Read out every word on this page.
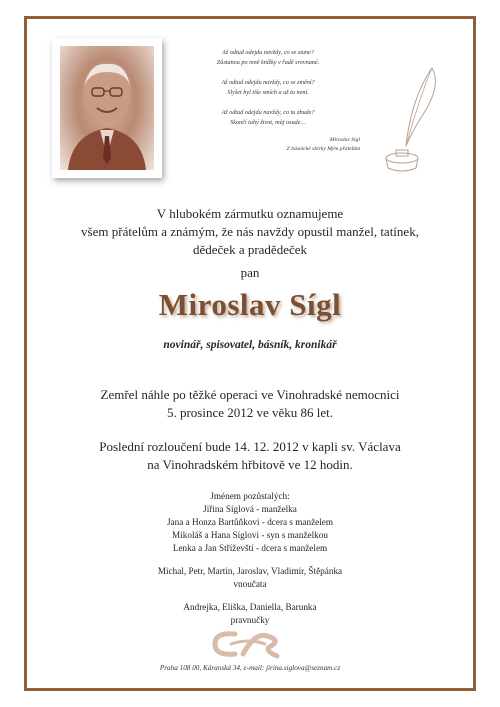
Až odtud odejdu navždy, co se stane?
Zůstanou po mně knížky v řadě srovnané.

Až odtud odejdu navždy, co se změní?
Slyšet byl tiše smích a už tu není.

Až odtud odejdu navždy, co tu zbude?
Skončí tuhý život, můj osude…

Miroslav Sígl
Z básnické sbírky Mým přátelům

V hlubokém zármutku oznamujeme
všem přátelům a známým, že nás navždy opustil manžel, tatínek,
dědeček a pradědeček
pan
Miroslav Sígl
novinář, spisovatel, básník, kronikář
Zemřel náhle po těžké operaci ve Vinohradské nemocnici
5. prosince 2012 ve věku 86 let.
Poslední rozloučení bude 14. 12. 2012 v kapli sv. Václava
na Vinohradském hřbitově ve 12 hodin.
Jménem pozůstalých:
Jiřina Síglová - manželka
Jana a Honza Bartůňkovi - dcera s manželem
Mikoláš a Hana Síglovi - syn s manželkou
Lenka a Jan Stříževští - dcera s manželem
Michal, Petr, Martin, Jaroslav, Vladimír, Štěpánka
vnoučata
Andrejka, Eliška, Daniella, Barunka
pravnučky
Praha 108 00, Káranská 34, e-mail: jirina.siglova@seznam.cz
